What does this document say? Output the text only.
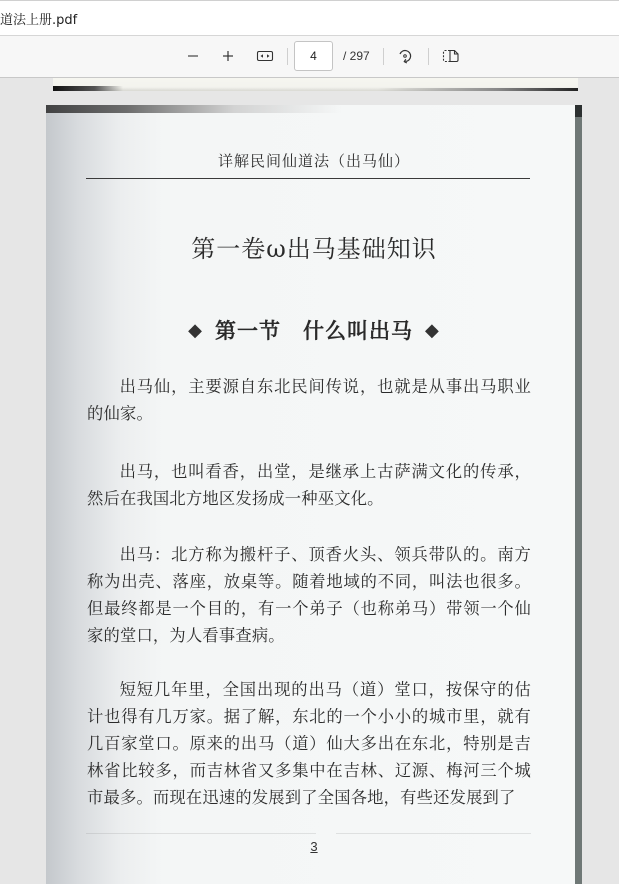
道法上册.pdf
4	/ 297
详解民间仙道法（出马仙）
第一卷ω出马基础知识
◆ 第一节　什么叫出马 ◆
出马仙，主要源自东北民间传说，也就是从事出马职业的仙家。
出马，也叫看香，出堂，是继承上古萨满文化的传承，然后在我国北方地区发扬成一种巫文化。
出马：北方称为搬杆子、顶香火头、领兵带队的。南方称为出壳、落座，放桌等。随着地域的不同，叫法也很多。但最终都是一个目的，有一个弟子（也称弟马）带领一个仙家的堂口，为人看事查病。
短短几年里，全国出现的出马（道）堂口，按保守的估计也得有几万家。据了解，东北的一个小小的城市里，就有几百家堂口。原来的出马（道）仙大多出在东北，特别是吉林省比较多，而吉林省又多集中在吉林、辽源、梅河三个城市最多。而现在迅速的发展到了全国各地，有些还发展到了
3
